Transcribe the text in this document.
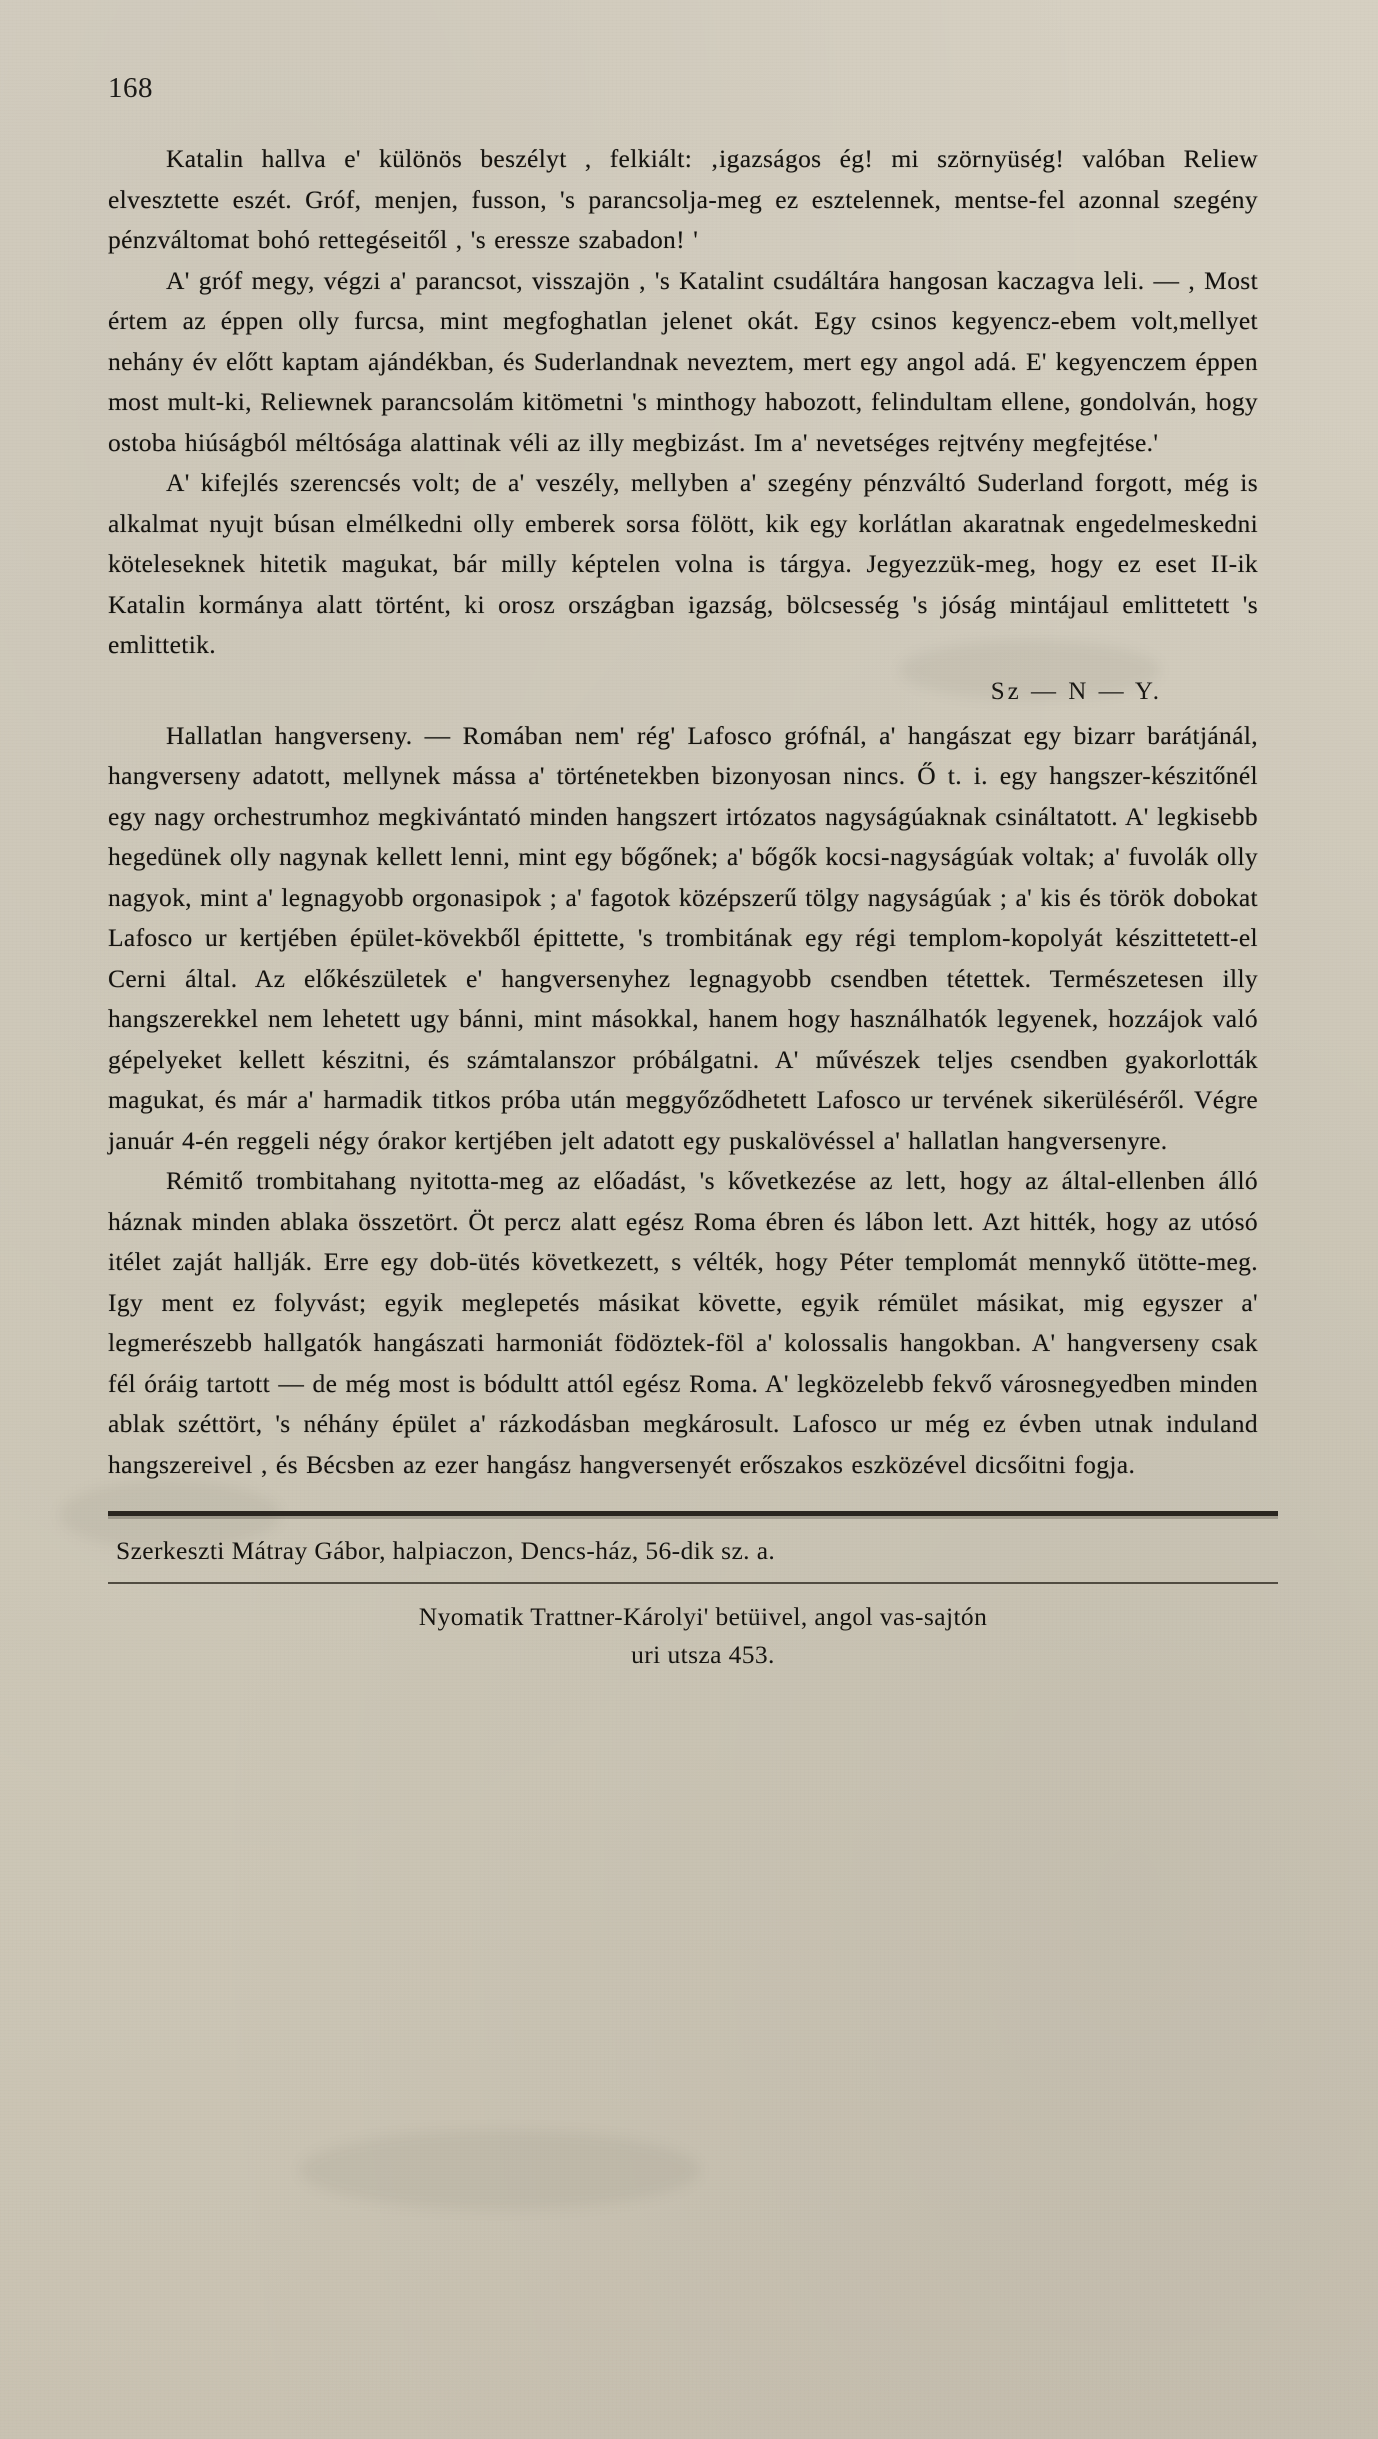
168

Katalin hallva e' különös beszélyt , felkiált: ‚igazságos ég! mi szörnyüség! valóban Reliew elvesztette eszét. Gróf, menjen, fusson, 's parancsolja-meg ez esztelennek, mentse-fel azonnal szegény pénzváltomat bohó rettegéseitől , 's eressze szabadon! '

A' gróf megy, végzi a' parancsot, visszajön , 's Katalint csudáltára hangosan kaczagva leli. — , Most értem az éppen olly furcsa, mint megfoghatlan jelenet okát. Egy csinos kegyencz-ebem volt,mellyet nehány év előtt kaptam ajándékban, és Suderlandnak neveztem, mert egy angol adá. E' kegyenczem éppen most mult-ki, Reliewnek parancsolám kitömetni 's minthogy habozott, felindultam ellene, gondolván, hogy ostoba hiúságból méltósága alattinak véli az illy megbizást. Im a' nevetséges rejtvény megfejtése.'

A' kifejlés szerencsés volt; de a' veszély, mellyben a' szegény pénzváltó Suderland forgott, még is alkalmat nyujt búsan elmélkedni olly emberek sorsa fölött, kik egy korlátlan akaratnak engedelmeskedni köteleseknek hitetik magukat, bár milly képtelen volna is tárgya. Jegyezzük-meg, hogy ez eset II-ik Katalin kormánya alatt történt, ki orosz országban igazság, bölcsesség 's jóság mintájaul emlittetett 's emlittetik.

Sz — N — Y.

Hallatlan hangverseny. — Romában nem' rég' Lafosco grófnál, a' hangászat egy bizarr barátjánál, hangverseny adatott, mellynek mássa a' történetekben bizonyosan nincs. Ő t. i. egy hangszer-készitőnél egy nagy orchestrumhoz megkivántató minden hangszert irtózatos nagyságúaknak csináltatott. A' legkisebb hegedünek olly nagynak kellett lenni, mint egy bőgőnek; a' bőgők kocsi-nagyságúak voltak; a' fuvolák olly nagyok, mint a' legnagyobb orgonasipok ; a' fagotok középszerű tölgy nagyságúak ; a' kis és török dobokat Lafosco ur kertjében épület-kövekből épittette, 's trombitának egy régi templom-kopolyát készittetett-el Cerni által. Az előkészületek e' hangversenyhez legnagyobb csendben tétettek. Természetesen illy hangszerekkel nem lehetett ugy bánni, mint másokkal, hanem hogy használhatók legyenek, hozzájok való gépelyeket kellett készitni, és számtalanszor próbálgatni. A' művészek teljes csendben gyakorlották magukat, és már a' harmadik titkos próba után meggyőződhetett Lafosco ur tervének sikerüléséről. Végre január 4-én reggeli négy órakor kertjében jelt adatott egy puskalövéssel a' hallatlan hangversenyre.

Rémitő trombitahang nyitotta-meg az előadást, 's kővetkezése az lett, hogy az által-ellenben álló háznak minden ablaka összetört. Öt percz alatt egész Roma ébren és lábon lett. Azt hitték, hogy az utósó itélet zaját hallják. Erre egy dob-ütés következett, s vélték, hogy Péter templomát mennykő ütötte-meg. Igy ment ez folyvást; egyik meglepetés másikat követte, egyik rémület másikat, mig egyszer a' legmerészebb hallgatók hangászati harmoniát födöztek-föl a' kolossalis hangokban. A' hangverseny csak fél óráig tartott — de még most is bódultt attól egész Roma. A' legközelebb fekvő városnegyedben minden ablak széttört, 's néhány épület a' rázkodásban megkárosult. Lafosco ur még ez évben utnak induland hangszereivel , és Bécsben az ezer hangász hangversenyét erőszakos eszközével dicsőitni fogja.

Szerkeszti Mátray Gábor, halpiaczon, Dencs-ház, 56-dik sz. a.
Nyomatik Trattner-Károlyi' betüivel, angol vas-sajtón
uri utsza 453.
